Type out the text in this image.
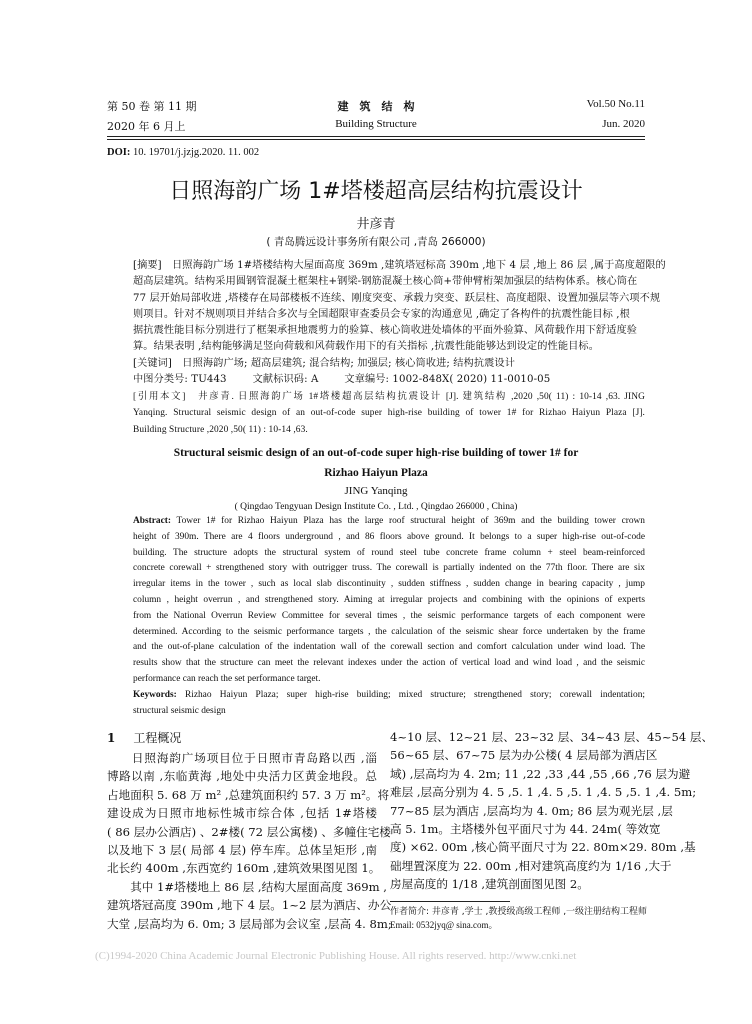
第 50 卷 第 11 期
2020 年 6 月上
建　筑　结　构
Building Structure
Vol.50 No.11
Jun. 2020
DOI: 10. 19701/j.jzjg.2020. 11. 002
日照海韵广场 1#塔楼超高层结构抗震设计
井彦青
( 青岛腾远设计事务所有限公司 ,青岛 266000)
[摘要]　日照海韵广场 1#塔楼结构大屋面高度 369m ,建筑塔冠标高 390m ,地下 4 层 ,地上 86 层 ,属于高度超限的
超高层建筑。结构采用圆钢管混凝土框架柱+钢梁-钢筋混凝土核心筒+带伸臂桁架加强层的结构体系。核心筒在
77 层开始局部收进 ,塔楼存在局部楼板不连续、刚度突变、承载力突变、跃层柱、高度超限、设置加强层等六项不规
则项目。针对不规则项目并结合多次与全国超限审查委员会专家的沟通意见 ,确定了各构件的抗震性能目标 ,根
据抗震性能目标分别进行了框架承担地震剪力的验算、核心筒收进处墙体的平面外验算、风荷载作用下舒适度验
算。结果表明 ,结构能够满足竖向荷载和风荷载作用下的有关指标 ,抗震性能能够达到设定的性能目标。
[关键词]　日照海韵广场; 超高层建筑; 混合结构; 加强层; 核心筒收进; 结构抗震设计
中图分类号: TU443	文献标识码: A	文章编号: 1002-848X( 2020) 11-0010-05
[引用本文]　井彦青. 日照海韵广场 1#塔楼超高层结构抗震设计 [J]. 建筑结构 ,2020 ,50( 11) : 10-14 ,63. JING
Yanqing. Structural seismic design of an out-of-code super high-rise building of tower 1# for Rizhao Haiyun Plaza [J].
Building Structure ,2020 ,50( 11) : 10-14 ,63.
Structural seismic design of an out-of-code super high-rise building of tower 1# for
Rizhao Haiyun Plaza
JING Yanqing
( Qingdao Tengyuan Design Institute Co. , Ltd. , Qingdao 266000 , China)
Abstract: Tower 1# for Rizhao Haiyun Plaza has the large roof structural height of 369m and the building tower crown
height of 390m. There are 4 floors underground , and 86 floors above ground. It belongs to a super high-rise out-of-code
building. The structure adopts the structural system of round steel tube concrete frame column + steel beam-reinforced
concrete corewall + strengthened story with outrigger truss. The corewall is partially indented on the 77th floor. There are six
irregular items in the tower , such as local slab discontinuity , sudden stiffness , sudden change in bearing capacity , jump
column , height overrun , and strengthened story. Aiming at irregular projects and combining with the opinions of experts
from the National Overrun Review Committee for several times , the seismic performance targets of each component were
determined. According to the seismic performance targets , the calculation of the seismic shear force undertaken by the frame
and the out-of-plane calculation of the indentation wall of the corewall section and comfort calculation under wind load. The
results show that the structure can meet the relevant indexes under the action of vertical load and wind load , and the seismic
performance can reach the set performance target.
Keywords: Rizhao Haiyun Plaza; super high-rise building; mixed structure; strengthened story; corewall indentation;
structural seismic design
1 工程概况
　　日照海韵广场项目位于日照市青岛路以西 ,淄
博路以南 ,东临黄海 ,地处中央活力区黄金地段。总
占地面积 5. 68 万 m² ,总建筑面积约 57. 3 万 m²。将
建设成为日照市地标性城市综合体 ,包括 1#塔楼
( 86 层办公酒店) 、2#楼( 72 层公寓楼) 、多幢住宅楼
以及地下 3 层( 局部 4 层) 停车库。总体呈矩形 ,南
北长约 400m ,东西宽约 160m ,建筑效果图见图 1。
　　其中 1#塔楼地上 86 层 ,结构大屋面高度 369m ,
建筑塔冠高度 390m ,地下 4 层。1~2 层为酒店、办公
大堂 ,层高均为 6. 0m; 3 层局部为会议室 ,层高 4. 8m;
4~10 层、12~21 层、23~32 层、34~43 层、45~54 层、
56~65 层、67~75 层为办公楼( 4 层局部为酒店区
域) ,层高均为 4. 2m; 11 ,22 ,33 ,44 ,55 ,66 ,76 层为避
难层 ,层高分别为 4. 5 ,5. 1 ,4. 5 ,5. 1 ,4. 5 ,5. 1 ,4. 5m;
77~85 层为酒店 ,层高均为 4. 0m; 86 层为观光层 ,层
高 5. 1m。主塔楼外包平面尺寸为 44. 24m( 等效宽
度) ×62. 00m ,核心筒平面尺寸为 22. 80m×29. 80m ,基
础埋置深度为 22. 00m ,相对建筑高度约为 1/16 ,大于
房屋高度的 1/18 ,建筑剖面图见图 2。
作者简介: 井彦青 ,学士 ,教授级高级工程师 ,一级注册结构工程师
Email: 0532jyq@ sina.com。
(C)1994-2020 China Academic Journal Electronic Publishing House. All rights reserved. http://www.cnki.net
